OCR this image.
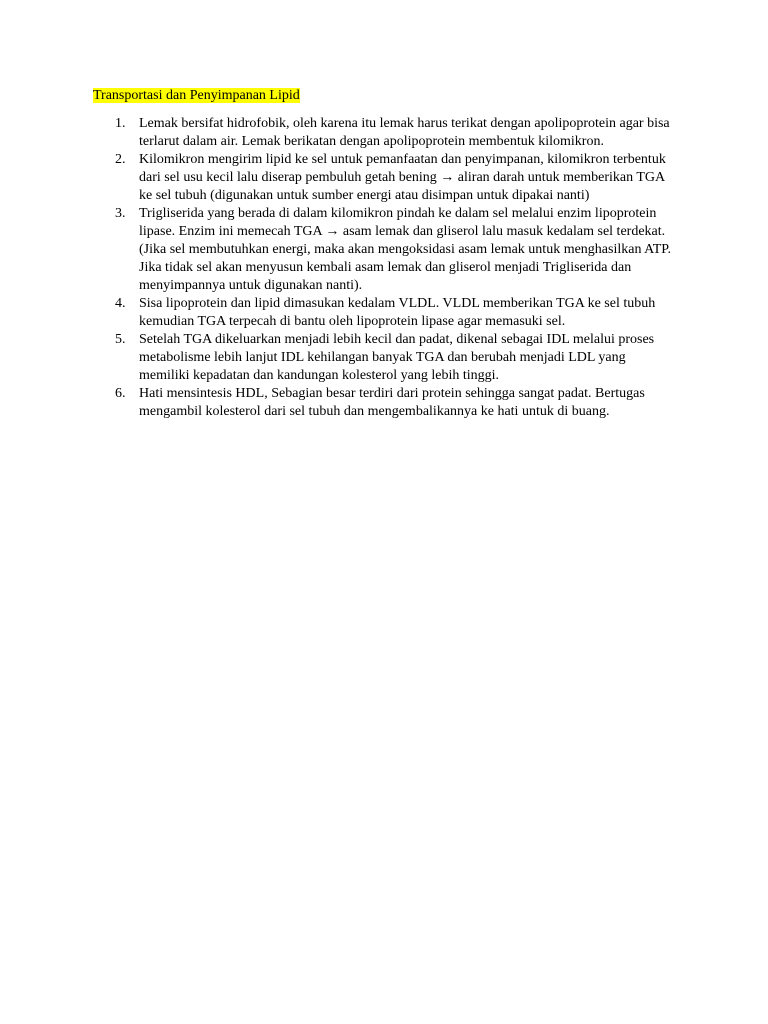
Transportasi dan Penyimpanan Lipid

1. Lemak bersifat hidrofobik, oleh karena itu lemak harus terikat dengan apolipoprotein agar bisa terlarut dalam air. Lemak berikatan dengan apolipoprotein membentuk kilomikron.
2. Kilomikron mengirim lipid ke sel untuk pemanfaatan dan penyimpanan, kilomikron terbentuk dari sel usu kecil lalu diserap pembuluh getah bening → aliran darah untuk memberikan TGA ke sel tubuh (digunakan untuk sumber energi atau disimpan untuk dipakai nanti)
3. Trigliserida yang berada di dalam kilomikron pindah ke dalam sel melalui enzim lipoprotein lipase. Enzim ini memecah TGA → asam lemak dan gliserol lalu masuk kedalam sel terdekat. (Jika sel membutuhkan energi, maka akan mengoksidasi asam lemak untuk menghasilkan ATP. Jika tidak sel akan menyusun kembali asam lemak dan gliserol menjadi Trigliserida dan menyimpannya untuk digunakan nanti).
4. Sisa lipoprotein dan lipid dimasukan kedalam VLDL. VLDL memberikan TGA ke sel tubuh kemudian TGA terpecah di bantu oleh lipoprotein lipase agar memasuki sel.
5. Setelah TGA dikeluarkan menjadi lebih kecil dan padat, dikenal sebagai IDL melalui proses metabolisme lebih lanjut IDL kehilangan banyak TGA dan berubah menjadi LDL yang memiliki kepadatan dan kandungan kolesterol yang lebih tinggi.
6. Hati mensintesis HDL, Sebagian besar terdiri dari protein sehingga sangat padat. Bertugas mengambil kolesterol dari sel tubuh dan mengembalikannya ke hati untuk di buang.
